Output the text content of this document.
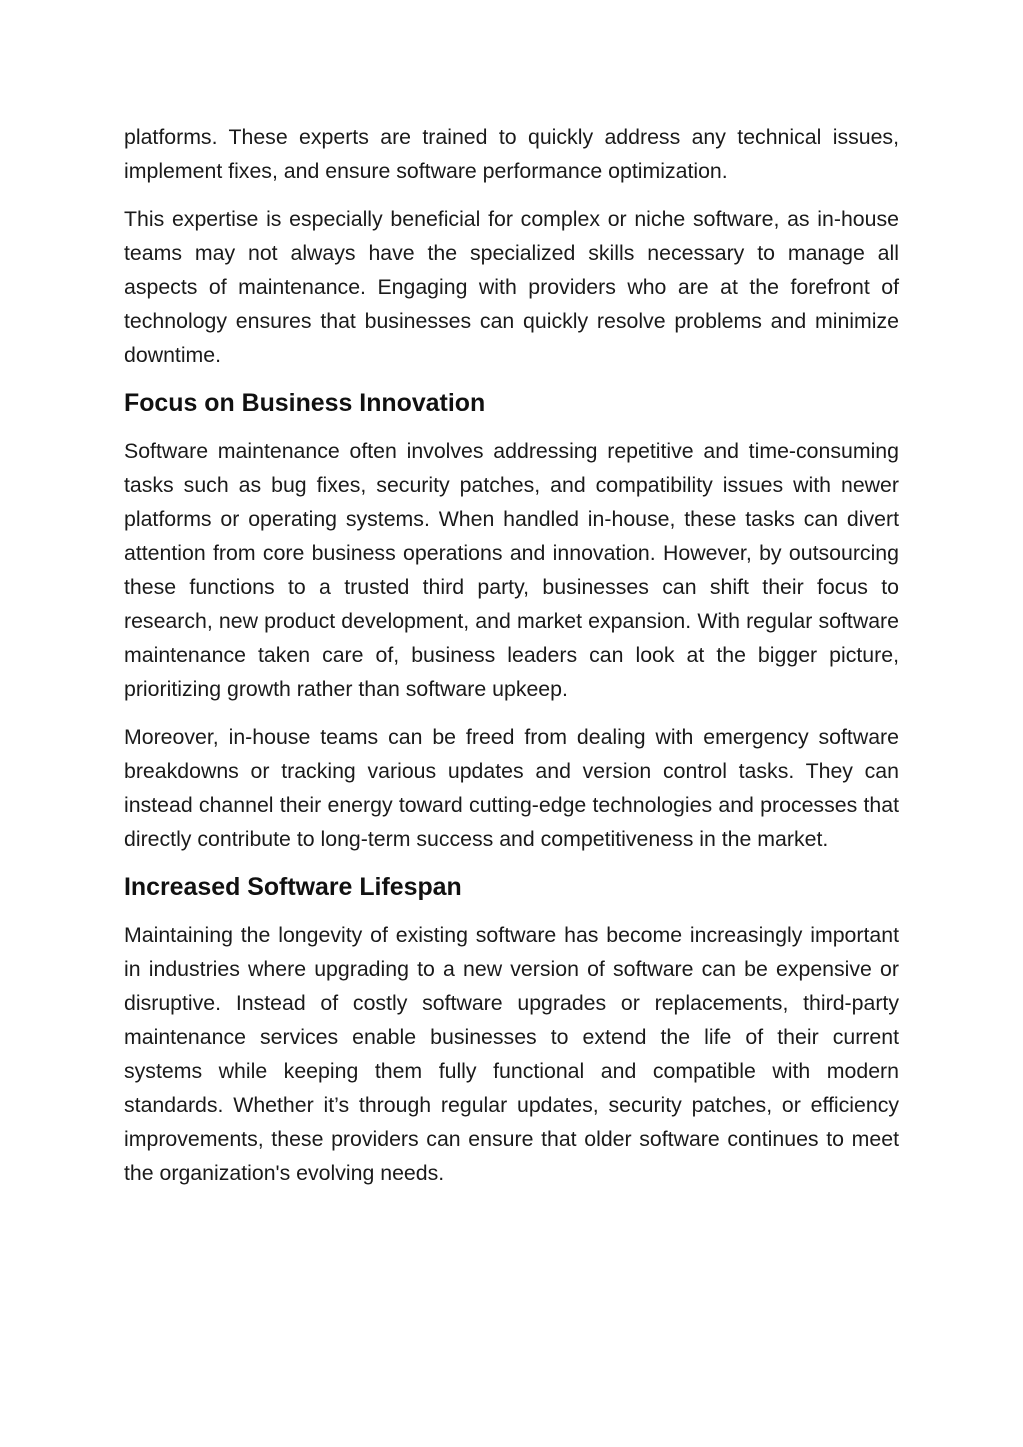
platforms. These experts are trained to quickly address any technical issues, implement fixes, and ensure software performance optimization.

This expertise is especially beneficial for complex or niche software, as in-house teams may not always have the specialized skills necessary to manage all aspects of maintenance. Engaging with providers who are at the forefront of technology ensures that businesses can quickly resolve problems and minimize downtime.

Focus on Business Innovation

Software maintenance often involves addressing repetitive and time-consuming tasks such as bug fixes, security patches, and compatibility issues with newer platforms or operating systems. When handled in-house, these tasks can divert attention from core business operations and innovation. However, by outsourcing these functions to a trusted third party, businesses can shift their focus to research, new product development, and market expansion. With regular software maintenance taken care of, business leaders can look at the bigger picture, prioritizing growth rather than software upkeep.

Moreover, in-house teams can be freed from dealing with emergency software breakdowns or tracking various updates and version control tasks. They can instead channel their energy toward cutting-edge technologies and processes that directly contribute to long-term success and competitiveness in the market.

Increased Software Lifespan

Maintaining the longevity of existing software has become increasingly important in industries where upgrading to a new version of software can be expensive or disruptive. Instead of costly software upgrades or replacements, third-party maintenance services enable businesses to extend the life of their current systems while keeping them fully functional and compatible with modern standards. Whether it’s through regular updates, security patches, or efficiency improvements, these providers can ensure that older software continues to meet the organization's evolving needs.
